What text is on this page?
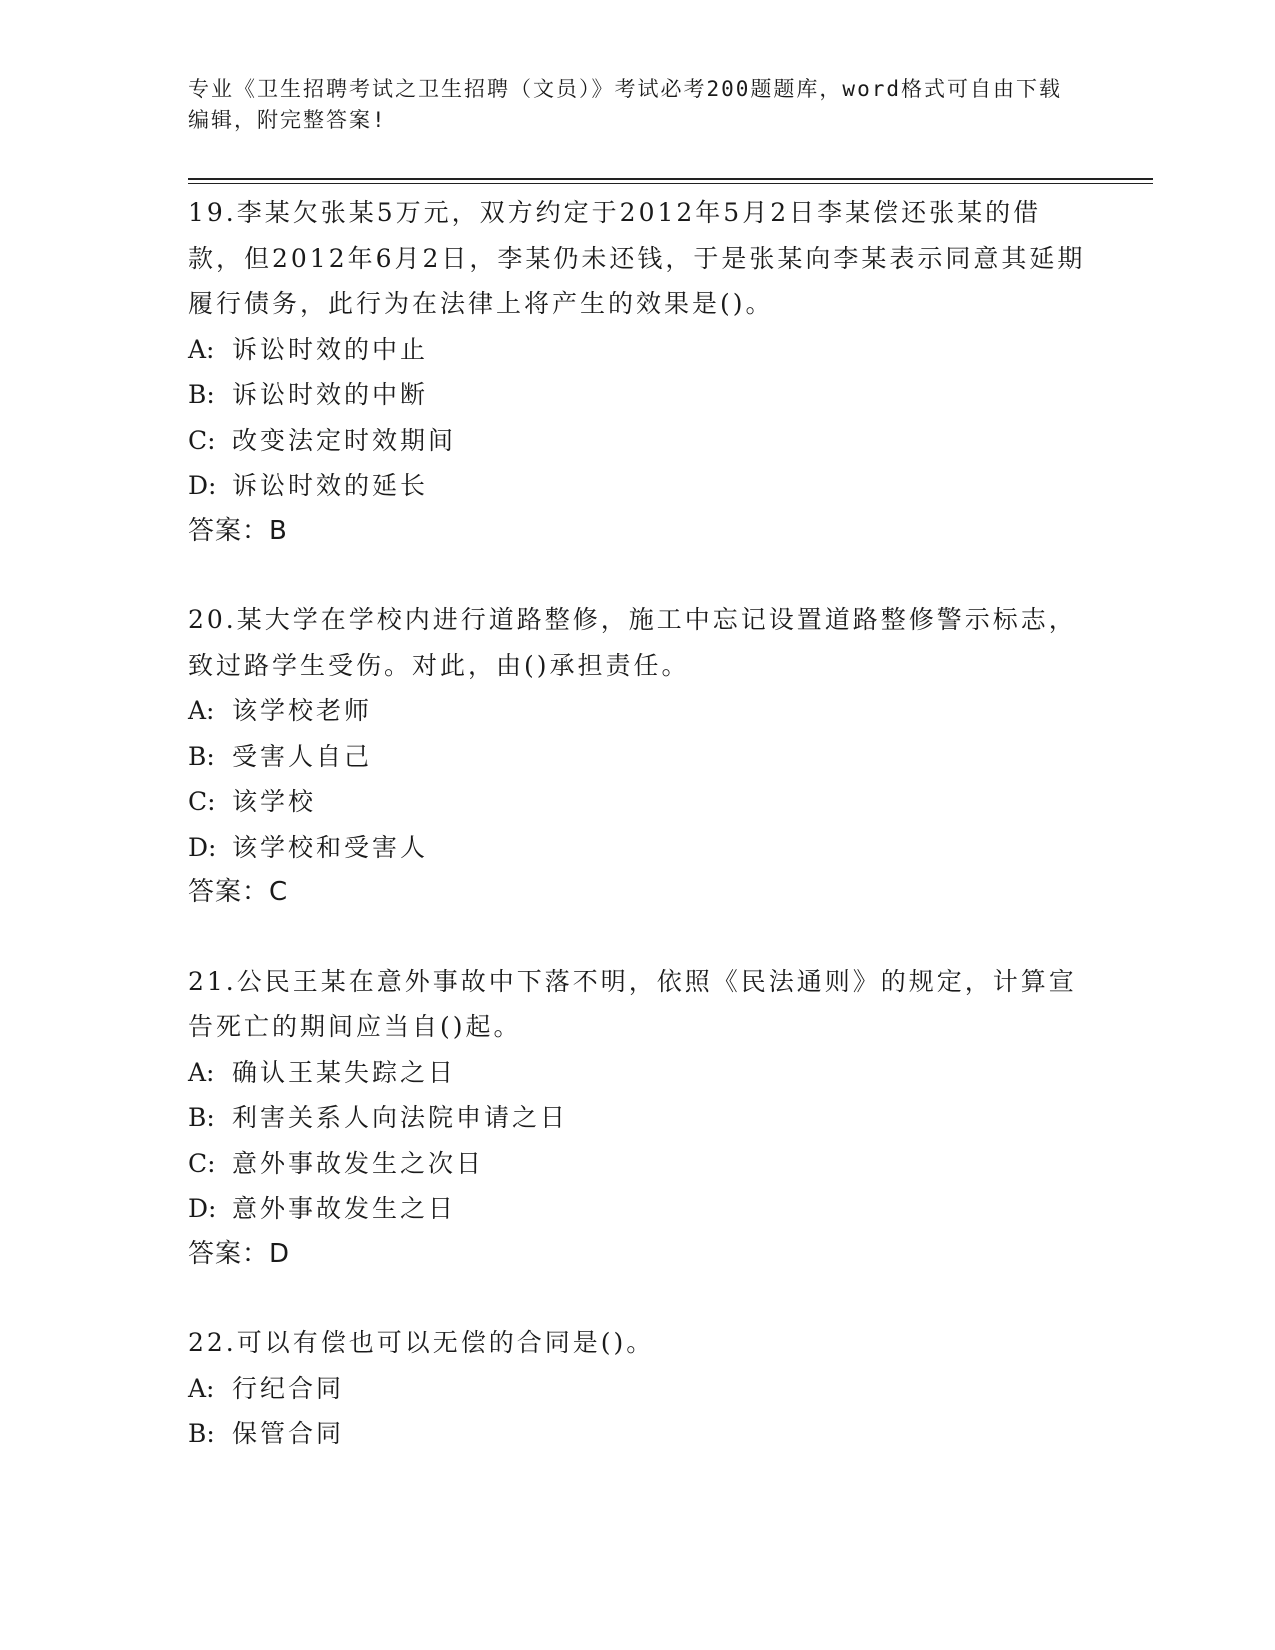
专业《卫生招聘考试之卫生招聘（文员）》考试必考200题题库，word格式可自由下载编辑，附完整答案!

19.李某欠张某5万元，双方约定于2012年5月2日李某偿还张某的借款，但2012年6月2日，李某仍未还钱，于是张某向李某表示同意其延期履行债务，此行为在法律上将产生的效果是()。

A: 诉讼时效的中止

B: 诉讼时效的中断

C: 改变法定时效期间

D: 诉讼时效的延长

答案：B

20.某大学在学校内进行道路整修，施工中忘记设置道路整修警示标志，致过路学生受伤。对此，由()承担责任。

A: 该学校老师

B: 受害人自己

C: 该学校

D: 该学校和受害人

答案：C

21.公民王某在意外事故中下落不明，依照《民法通则》的规定，计算宣告死亡的期间应当自()起。

A: 确认王某失踪之日

B: 利害关系人向法院申请之日

C: 意外事故发生之次日

D: 意外事故发生之日

答案：D

22.可以有偿也可以无偿的合同是()。

A: 行纪合同

B: 保管合同
